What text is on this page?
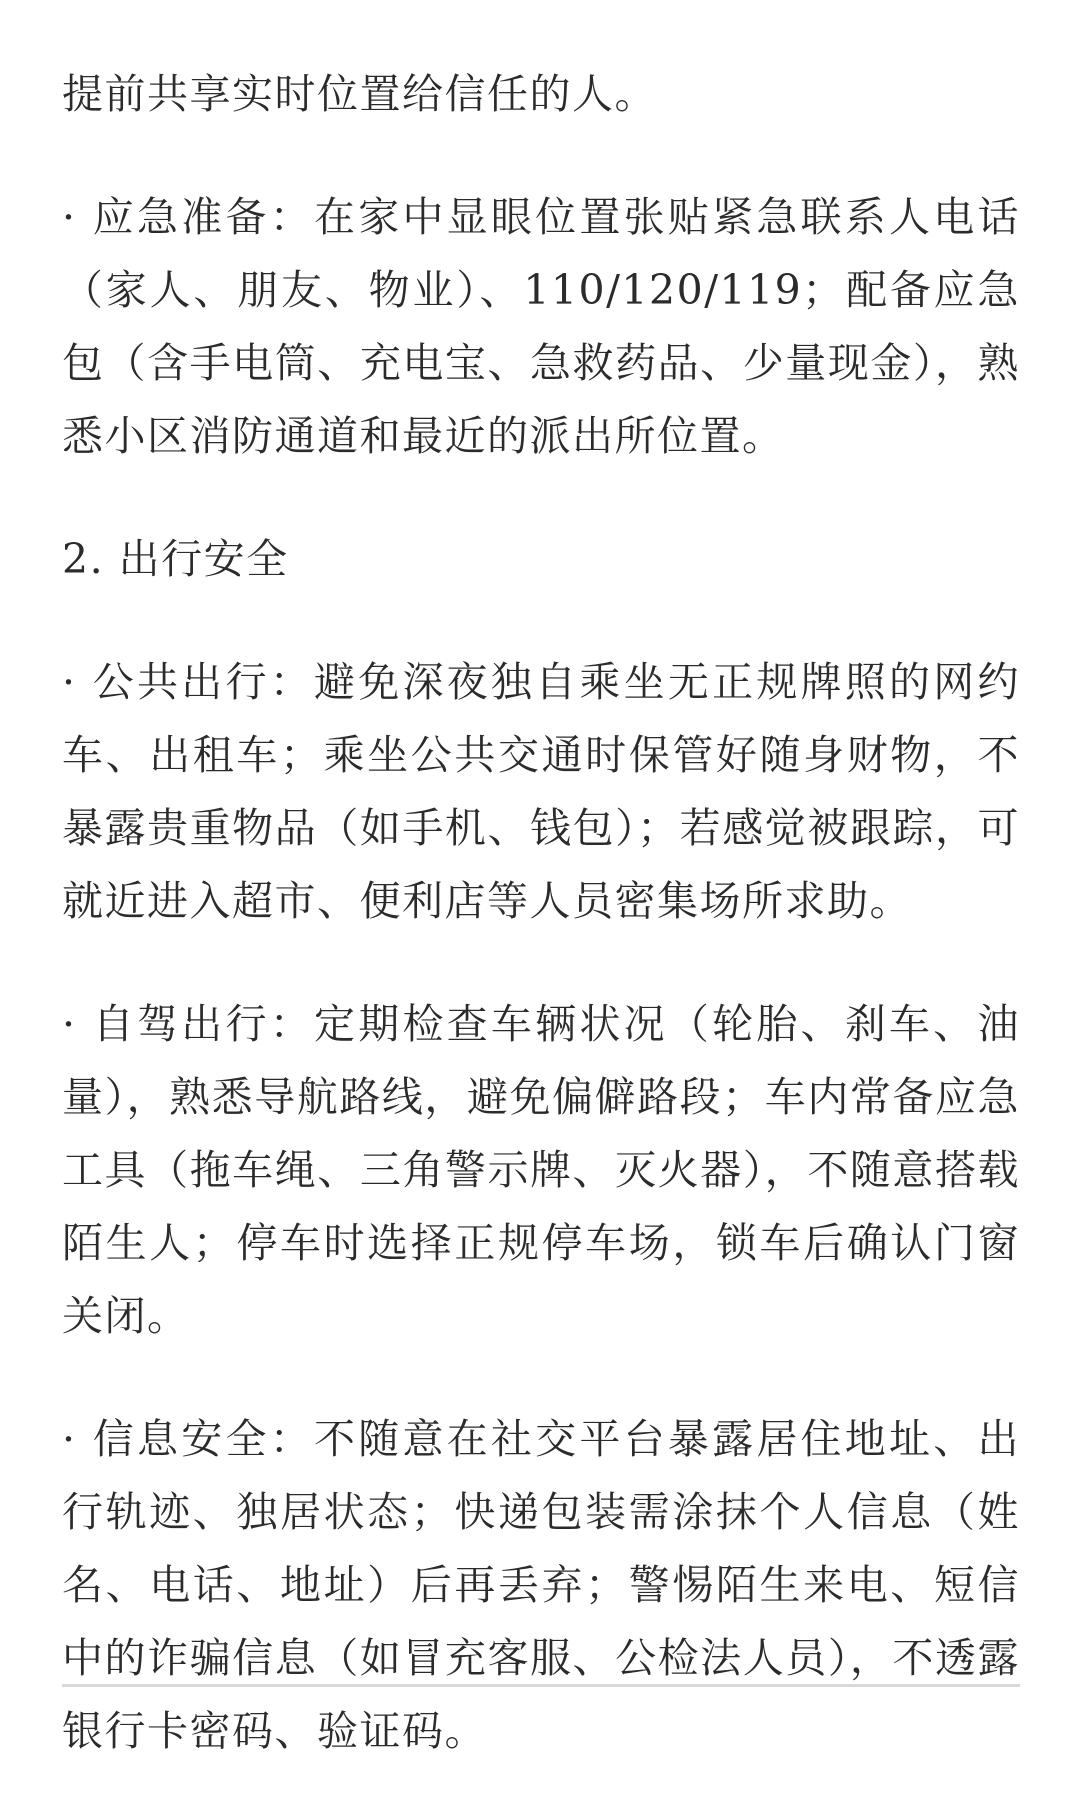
提前共享实时位置给信任的人。

· 应急准备：在家中显眼位置张贴紧急联系人电话（家人、朋友、物业）、110/120/119；配备应急包（含手电筒、充电宝、急救药品、少量现金），熟悉小区消防通道和最近的派出所位置。

2. 出行安全

· 公共出行：避免深夜独自乘坐无正规牌照的网约车、出租车；乘坐公共交通时保管好随身财物，不暴露贵重物品（如手机、钱包）；若感觉被跟踪，可就近进入超市、便利店等人员密集场所求助。

· 自驾出行：定期检查车辆状况（轮胎、刹车、油量），熟悉导航路线，避免偏僻路段；车内常备应急工具（拖车绳、三角警示牌、灭火器），不随意搭载陌生人；停车时选择正规停车场，锁车后确认门窗关闭。

· 信息安全：不随意在社交平台暴露居住地址、出行轨迹、独居状态；快递包装需涂抹个人信息（姓名、电话、地址）后再丢弃；警惕陌生来电、短信中的诈骗信息（如冒充客服、公检法人员），不透露银行卡密码、验证码。
